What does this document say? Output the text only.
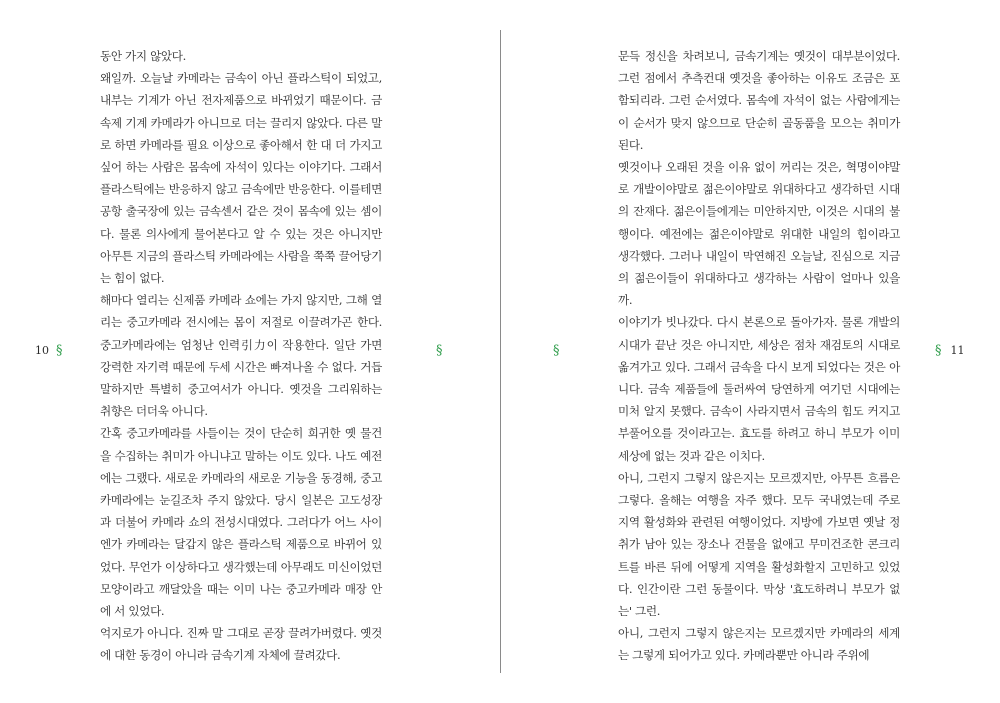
동안 가지 않았다.

왜일까. 오늘날 카메라는 금속이 아닌 플라스틱이 되었고, 내부는 기계가 아닌 전자제품으로 바뀌었기 때문이다. 금속제 기계 카메라가 아니므로 더는 끌리지 않았다. 다른 말로 하면 카메라를 필요 이상으로 좋아해서 한 대 더 가지고 싶어 하는 사람은 몸속에 자석이 있다는 이야기다. 그래서 플라스틱에는 반응하지 않고 금속에만 반응한다. 이를테면 공항 출국장에 있는 금속센서 같은 것이 몸속에 있는 셈이다. 물론 의사에게 물어본다고 알 수 있는 것은 아니지만 아무튼 지금의 플라스틱 카메라에는 사람을 쭉쭉 끌어당기는 힘이 없다.

해마다 열리는 신제품 카메라 쇼에는 가지 않지만, 그해 열리는 중고카메라 전시에는 몸이 저절로 이끌려가곤 한다. 중고카메라에는 엄청난 인력引力이 작용한다. 일단 가면 강력한 자기력 때문에 두세 시간은 빠져나올 수 없다. 거듭 말하지만 특별히 중고여서가 아니다. 옛것을 그리워하는 취향은 더더욱 아니다.

간혹 중고카메라를 사들이는 것이 단순히 희귀한 옛 물건을 수집하는 취미가 아니냐고 말하는 이도 있다. 나도 예전에는 그랬다. 새로운 카메라의 새로운 기능을 동경해, 중고카메라에는 눈길조차 주지 않았다. 당시 일본은 고도성장과 더불어 카메라 쇼의 전성시대였다. 그러다가 어느 사이엔가 카메라는 달갑지 않은 플라스틱 제품으로 바뀌어 있었다. 무언가 이상하다고 생각했는데 아무래도 미신이었던 모양이라고 깨달았을 때는 이미 나는 중고카메라 매장 안에 서 있었다.

억지로가 아니다. 진짜 말 그대로 곧장 끌려가버렸다. 옛것에 대한 동경이 아니라 금속기계 자체에 끌려갔다.

문득 정신을 차려보니, 금속기계는 옛것이 대부분이었다. 그런 점에서 추측컨대 옛것을 좋아하는 이유도 조금은 포함되리라. 그런 순서였다. 몸속에 자석이 없는 사람에게는 이 순서가 맞지 않으므로 단순히 골동품을 모으는 취미가 된다.

옛것이나 오래된 것을 이유 없이 꺼리는 것은, 혁명이야말로 개발이야말로 젊은이야말로 위대하다고 생각하던 시대의 잔재다. 젊은이들에게는 미안하지만, 이것은 시대의 불행이다. 예전에는 젊은이야말로 위대한 내일의 힘이라고 생각했다. 그러나 내일이 막연해진 오늘날, 진심으로 지금의 젊은이들이 위대하다고 생각하는 사람이 얼마나 있을까.

이야기가 빗나갔다. 다시 본론으로 돌아가자. 물론 개발의 시대가 끝난 것은 아니지만, 세상은 점차 재검토의 시대로 옮겨가고 있다. 그래서 금속을 다시 보게 되었다는 것은 아니다. 금속 제품들에 둘러싸여 당연하게 여기던 시대에는 미처 알지 못했다. 금속이 사라지면서 금속의 힘도 커지고 부풀어오를 것이라고는. 효도를 하려고 하니 부모가 이미 세상에 없는 것과 같은 이치다.

아니, 그런지 그렇지 않은지는 모르겠지만, 아무튼 흐름은 그렇다. 올해는 여행을 자주 했다. 모두 국내였는데 주로 지역 활성화와 관련된 여행이었다. 지방에 가보면 옛날 정취가 남아 있는 장소나 건물을 없애고 무미건조한 콘크리트를 바른 뒤에 어떻게 지역을 활성화할지 고민하고 있었다. 인간이란 그런 동물이다. 막상 '효도하려니 부모가 없는' 그런.

아니, 그런지 그렇지 않은지는 모르겠지만 카메라의 세계는 그렇게 되어가고 있다. 카메라뿐만 아니라 주위에

10 §	§	§	§ 11
